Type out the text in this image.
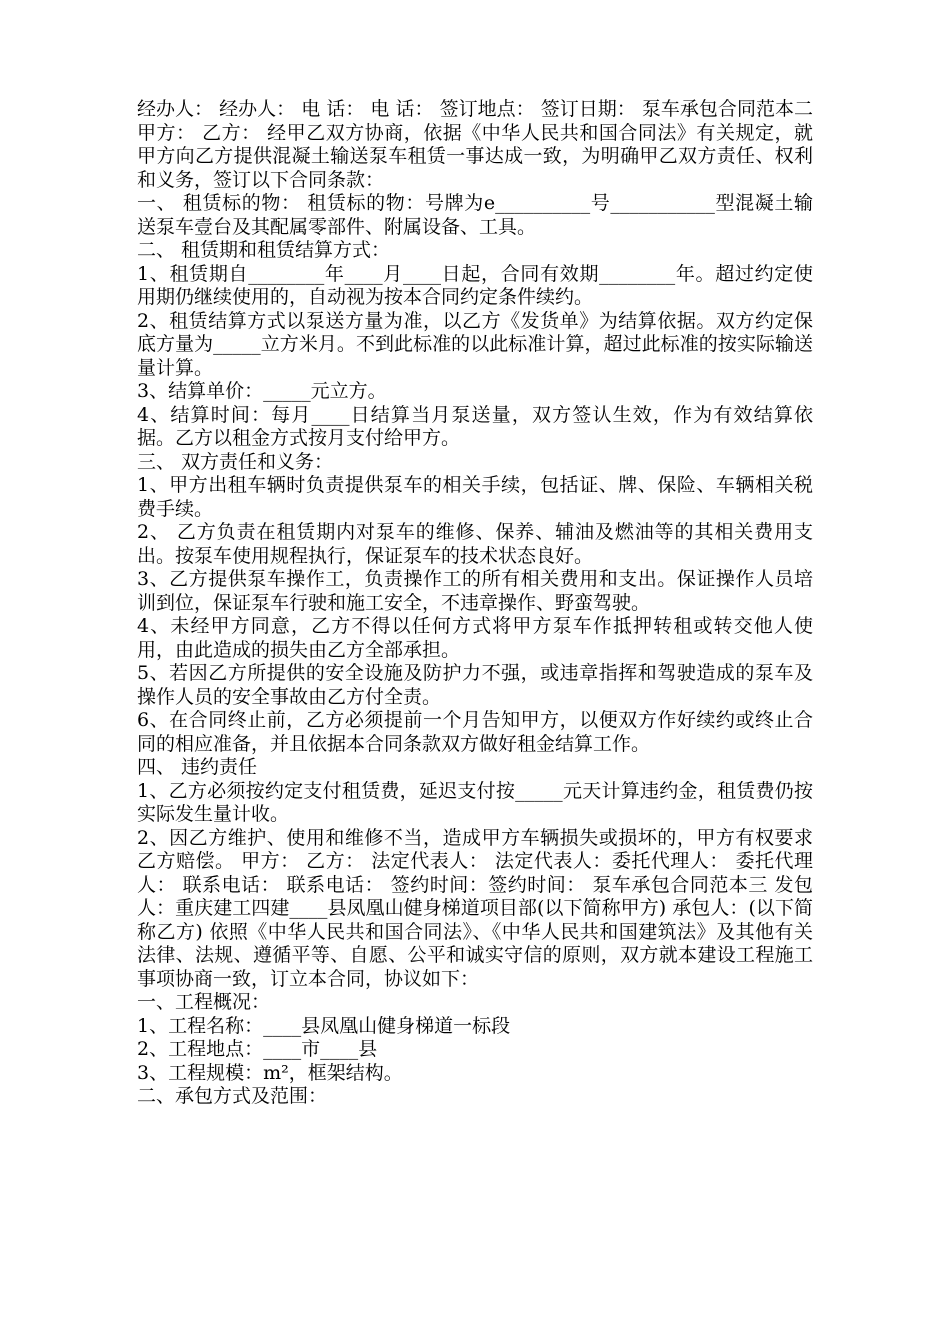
经办人： 经办人： 电 话： 电 话： 签订地点： 签订日期： 泵车承包合同范本二 甲方： 乙方： 经甲乙双方协商，依据《中华人民共和国合同法》有关规定，就甲方向乙方提供混凝土输送泵车租赁一事达成一致，为明确甲乙双方责任、权利和义务，签订以下合同条款：
一、 租赁标的物： 租赁标的物：号牌为e__________号___________型混凝土输送泵车壹台及其配属零部件、附属设备、工具。
二、 租赁期和租赁结算方式：
1、租赁期自________年____月____日起，合同有效期________年。超过约定使用期仍继续使用的，自动视为按本合同约定条件续约。
2、租赁结算方式以泵送方量为准，以乙方《发货单》为结算依据。双方约定保底方量为_____立方米月。不到此标准的以此标准计算，超过此标准的按实际输送量计算。
3、结算单价：_____元立方。
4、结算时间：每月____日结算当月泵送量，双方签认生效，作为有效结算依据。乙方以租金方式按月支付给甲方。
三、 双方责任和义务：
1、甲方出租车辆时负责提供泵车的相关手续，包括证、牌、保险、车辆相关税费手续。
2、 乙方负责在租赁期内对泵车的维修、保养、辅油及燃油等的其相关费用支出。按泵车使用规程执行，保证泵车的技术状态良好。
3、乙方提供泵车操作工，负责操作工的所有相关费用和支出。保证操作人员培训到位，保证泵车行驶和施工安全，不违章操作、野蛮驾驶。
4、未经甲方同意，乙方不得以任何方式将甲方泵车作抵押转租或转交他人使用，由此造成的损失由乙方全部承担。
5、若因乙方所提供的安全设施及防护力不强，或违章指挥和驾驶造成的泵车及操作人员的安全事故由乙方付全责。
6、在合同终止前，乙方必须提前一个月告知甲方，以便双方作好续约或终止合同的相应准备，并且依据本合同条款双方做好租金结算工作。
四、 违约责任
1、乙方必须按约定支付租赁费，延迟支付按_____元天计算违约金，租赁费仍按实际发生量计收。
2、因乙方维护、使用和维修不当，造成甲方车辆损失或损坏的，甲方有权要求乙方赔偿。 甲方： 乙方： 法定代表人： 法定代表人：委托代理人： 委托代理人： 联系电话： 联系电话： 签约时间：签约时间： 泵车承包合同范本三 发包人：重庆建工四建____县凤凰山健身梯道项目部(以下简称甲方) 承包人：(以下简称乙方) 依照《中华人民共和国合同法》、《中华人民共和国建筑法》及其他有关法律、法规、遵循平等、自愿、公平和诚实守信的原则，双方就本建设工程施工事项协商一致，订立本合同，协议如下：
一、工程概况：
1、工程名称：____县凤凰山健身梯道一标段
2、工程地点：____市____县
3、工程规模：m²，框架结构。
二、承包方式及范围：
